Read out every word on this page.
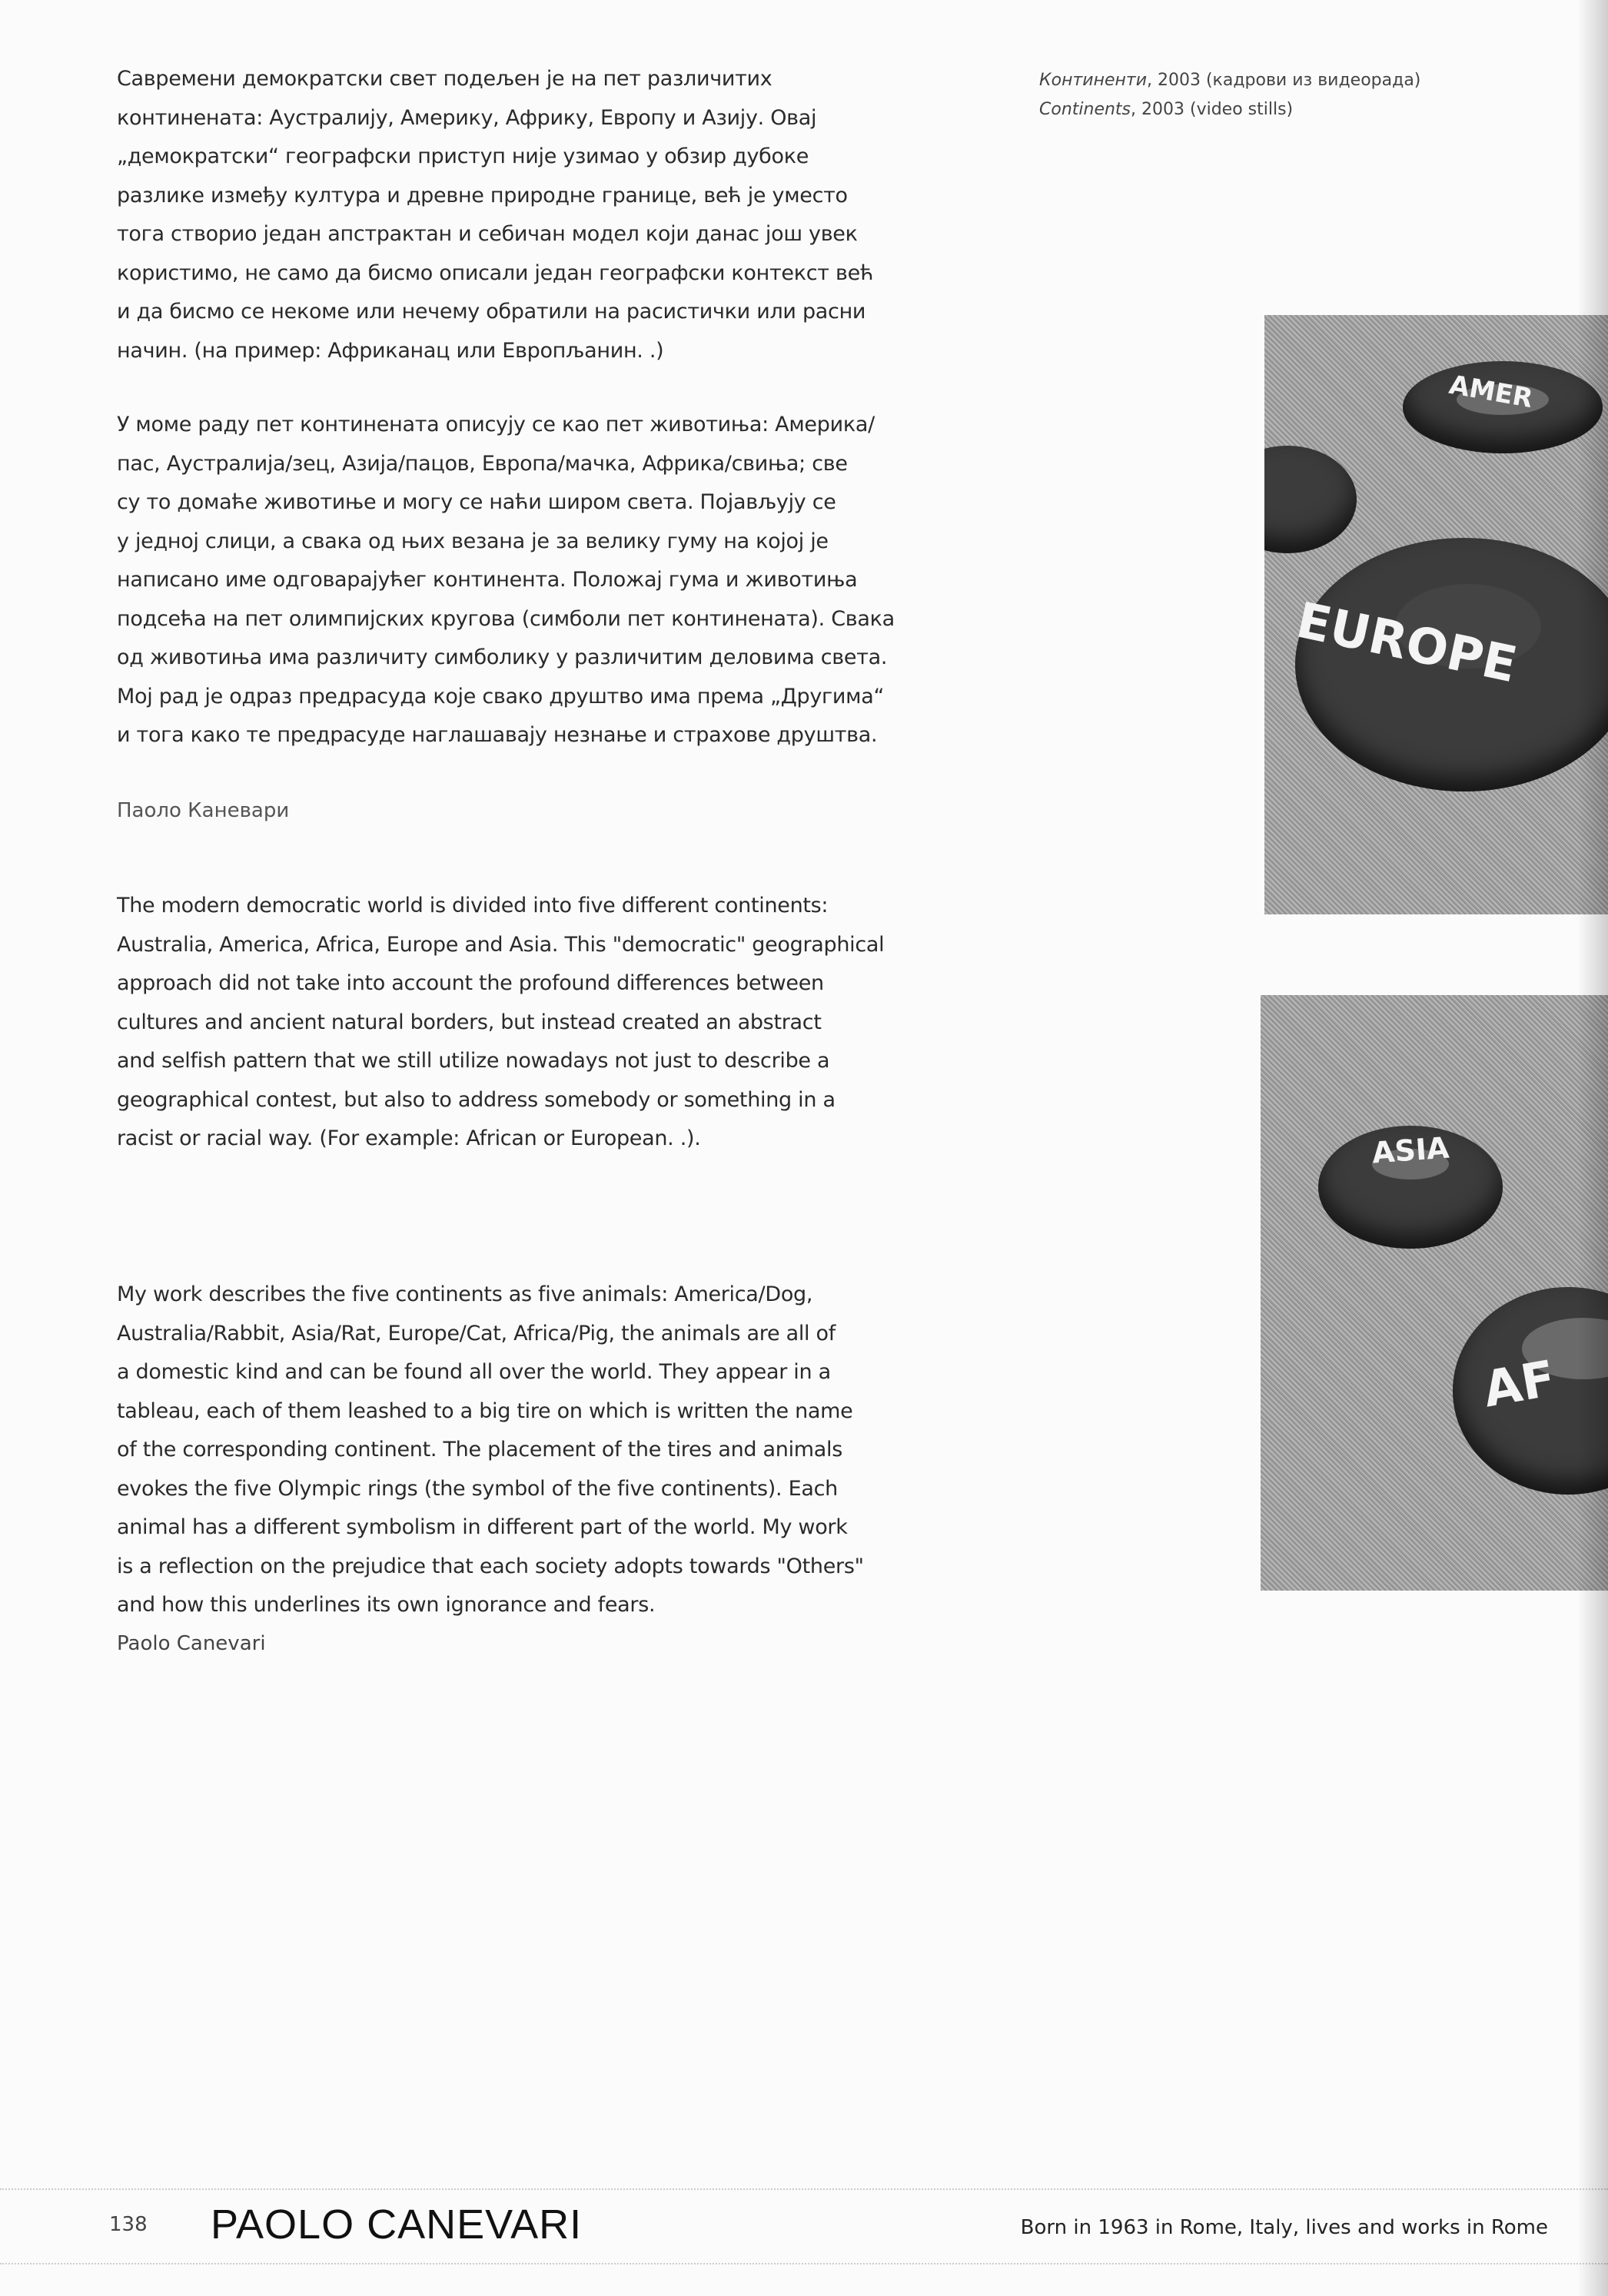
Савремени демократски свет подељен је на пет различитих
континената: Аустралију, Америку, Африку, Европу и Азију. Овај
„демократски“ географски приступ није узимао у обзир дубоке
разлике између култура и древне природне границе, већ је уместо
тога створио један апстрактан и себичан модел који данас још увек
користимо, не само да бисмо описали један географски контекст већ
и да бисмо се некоме или нечему обратили на расистички или расни
начин. (на пример: Африканац или Европљанин. .)
У моме раду пет континената описују се као пет животиња: Америка/
пас, Аустралија/зец, Азија/пацов, Европа/мачка, Африка/свиња; све
су то домаће животиње и могу се наћи широм света. Појављују се
у једној слици, а свака од њих везана је за велику гуму на којој је
написано име одговарајућег континента. Положај гума и животиња
подсећа на пет олимпијских кругова (симболи пет континената). Свака
од животиња има различиту симболику у различитим деловима света.
Мој рад је одраз предрасуда које свако друштво има према „Другима“
и тога како те предрасуде наглашавају незнање и страхове друштва.
Паоло Каневари
The modern democratic world is divided into five different continents:
Australia, America, Africa, Europe and Asia. This "democratic" geographical
approach did not take into account the profound differences between
cultures and ancient natural borders, but instead created an abstract
and selfish pattern that we still utilize nowadays not just to describe a
geographical contest, but also to address somebody or something in a
racist or racial way. (For example: African or European. .).
My work describes the five continents as five animals: America/Dog,
Australia/Rabbit, Asia/Rat, Europe/Cat, Africa/Pig, the animals are all of
a domestic kind and can be found all over the world. They appear in a
tableau, each of them leashed to a big tire on which is written the name
of the corresponding continent. The placement of the tires and animals
evokes the five Olympic rings (the symbol of the five continents). Each
animal has a different symbolism in different part of the world. My work
is a reflection on the prejudice that each society adopts towards "Others"
and how this underlines its own ignorance and fears.
Paolo Canevari
Континенти, 2003 (кадрови из видеорада)
Continents, 2003 (video stills)
AMER
EUROPE
ASIA
AF
138 PAOLO CANEVARI	Born in 1963 in Rome, Italy, lives and works in Rome
